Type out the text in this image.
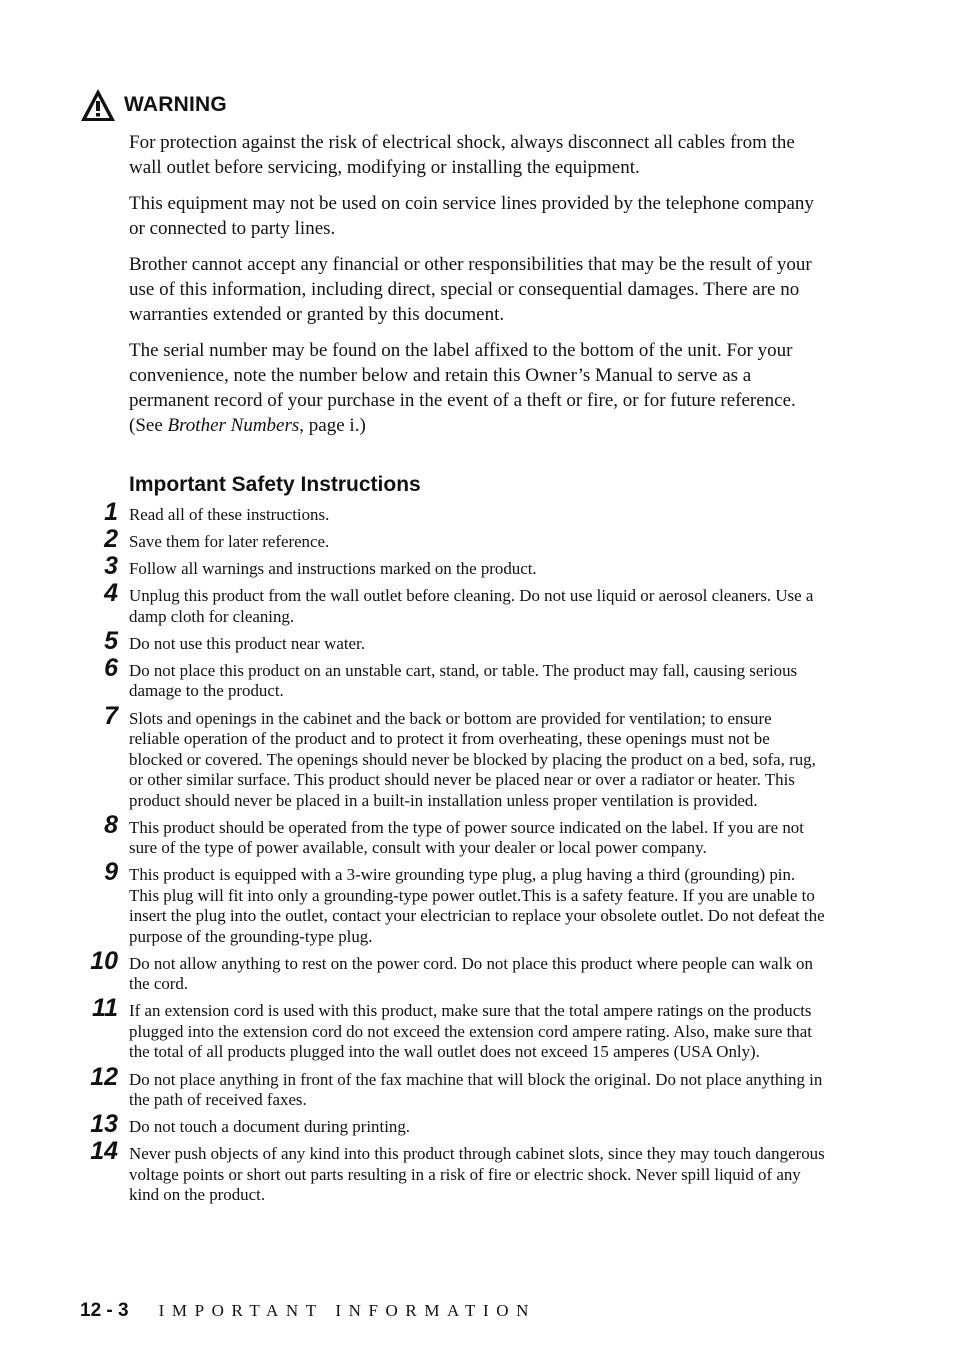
WARNING

For protection against the risk of electrical shock, always disconnect all cables from the wall outlet before servicing, modifying or installing the equipment.

This equipment may not be used on coin service lines provided by the telephone company or connected to party lines.

Brother cannot accept any financial or other responsibilities that may be the result of your use of this information, including direct, special or consequential damages. There are no warranties extended or granted by this document.

The serial number may be found on the label affixed to the bottom of the unit. For your convenience, note the number below and retain this Owner’s Manual to serve as a permanent record of your purchase in the event of a theft or fire, or for future reference. (See Brother Numbers, page i.)

Important Safety Instructions
1 Read all of these instructions.
2 Save them for later reference.
3 Follow all warnings and instructions marked on the product.
4 Unplug this product from the wall outlet before cleaning. Do not use liquid or aerosol cleaners. Use a damp cloth for cleaning.
5 Do not use this product near water.
6 Do not place this product on an unstable cart, stand, or table. The product may fall, causing serious damage to the product.
7 Slots and openings in the cabinet and the back or bottom are provided for ventilation; to ensure reliable operation of the product and to protect it from overheating, these openings must not be blocked or covered. The openings should never be blocked by placing the product on a bed, sofa, rug, or other similar surface. This product should never be placed near or over a radiator or heater. This product should never be placed in a built-in installation unless proper ventilation is provided.
8 This product should be operated from the type of power source indicated on the label. If you are not sure of the type of power available, consult with your dealer or local power company.
9 This product is equipped with a 3-wire grounding type plug, a plug having a third (grounding) pin. This plug will fit into only a grounding-type power outlet.This is a safety feature. If you are unable to insert the plug into the outlet, contact your electrician to replace your obsolete outlet. Do not defeat the purpose of the grounding-type plug.
10 Do not allow anything to rest on the power cord. Do not place this product where people can walk on the cord.
11 If an extension cord is used with this product, make sure that the total ampere ratings on the products plugged into the extension cord do not exceed the extension cord ampere rating. Also, make sure that the total of all products plugged into the wall outlet does not exceed 15 amperes (USA Only).
12 Do not place anything in front of the fax machine that will block the original. Do not place anything in the path of received faxes.
13 Do not touch a document during printing.
14 Never push objects of any kind into this product through cabinet slots, since they may touch dangerous voltage points or short out parts resulting in a risk of fire or electric shock. Never spill liquid of any kind on the product.
12 - 3 IMPORTANT INFORMATION
